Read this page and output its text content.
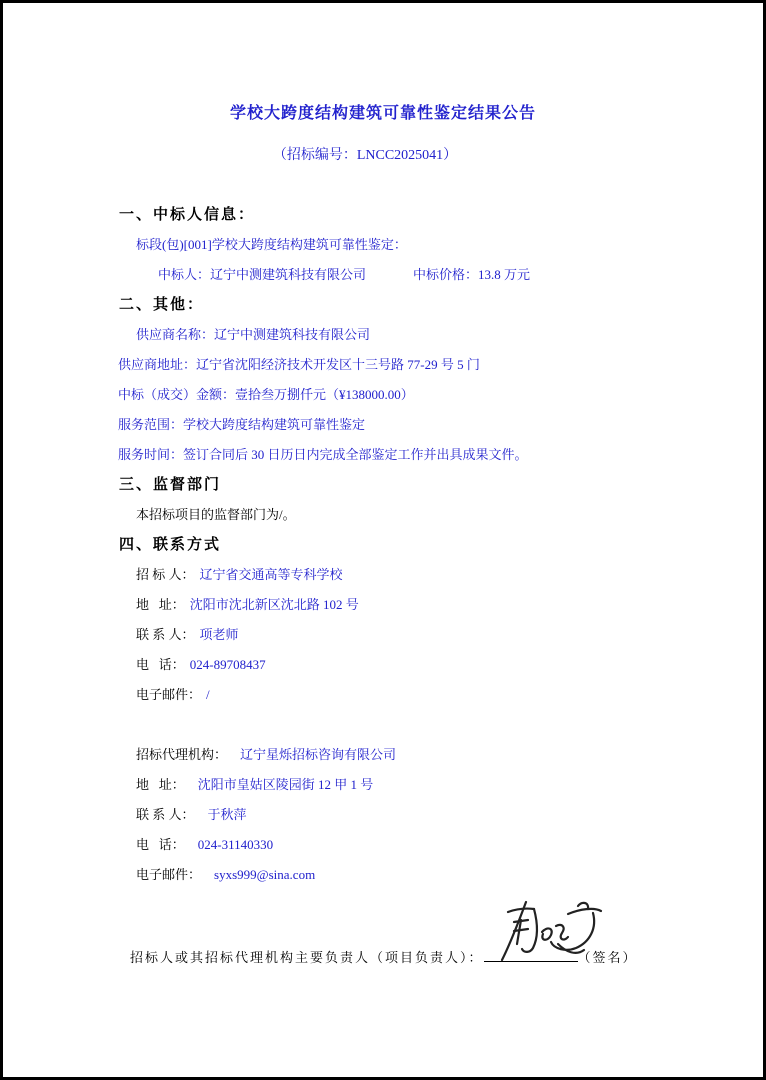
学校大跨度结构建筑可靠性鉴定结果公告
（招标编号：LNCC2025041）
一、中标人信息：
标段(包)[001]学校大跨度结构建筑可靠性鉴定：
中标人：辽宁中测建筑科技有限公司	中标价格：13.8 万元
二、其他：
供应商名称：辽宁中测建筑科技有限公司
供应商地址：辽宁省沈阳经济技术开发区十三号路 77-29 号 5 门
中标（成交）金额：壹拾叁万捌仟元（¥138000.00）
服务范围：学校大跨度结构建筑可靠性鉴定
服务时间：签订合同后 30 日历日内完成全部鉴定工作并出具成果文件。
三、监督部门
本招标项目的监督部门为/。
四、联系方式
招 标 人： 辽宁省交通高等专科学校
地   址： 沈阳市沈北新区沈北路 102 号
联 系 人： 项老师
电   话： 024-89708437
电子邮件： /
招标代理机构： 辽宁星烁招标咨询有限公司
地   址： 沈阳市皇姑区陵园街 12 甲 1 号
联 系 人： 于秋萍
电   话： 024-31140330
电子邮件： syxs999@sina.com
招标人或其招标代理机构主要负责人（项目负责人）：	（签名）
